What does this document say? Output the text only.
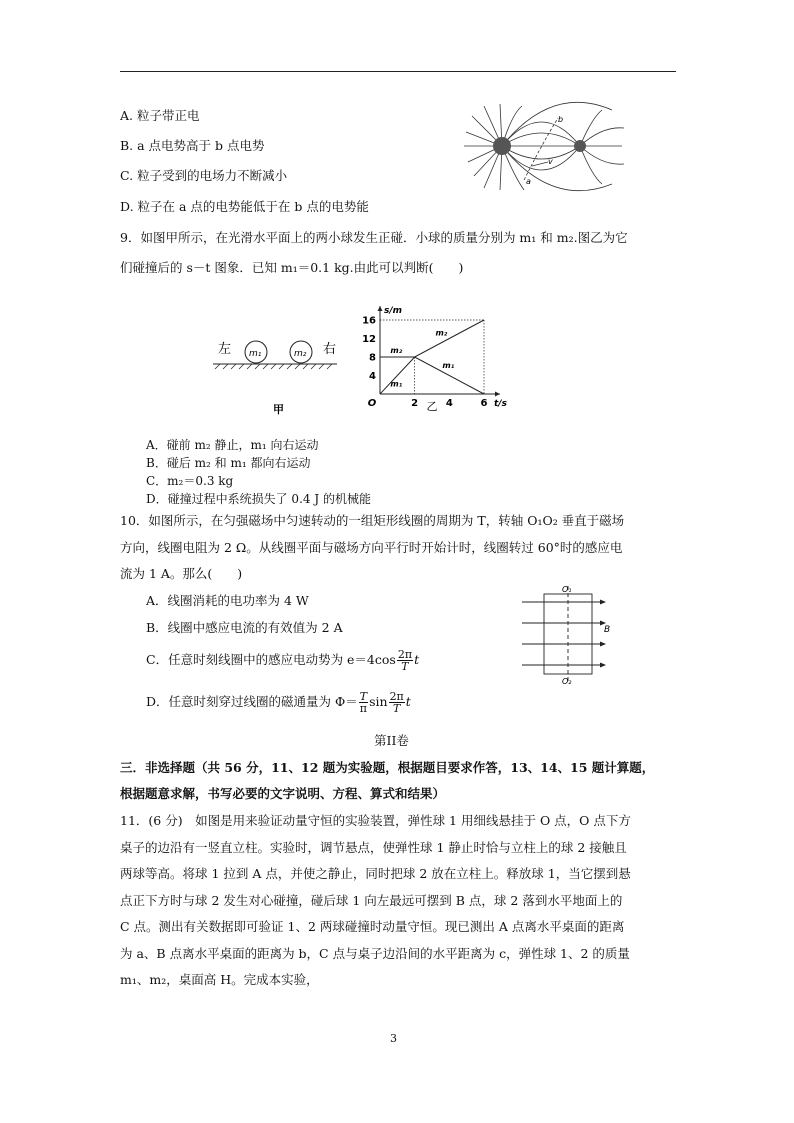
A. 粒子带正电
B. a 点电势高于 b 点电势
C. 粒子受到的电场力不断减小
D. 粒子在 a 点的电势能低于在 b 点的电势能
a
b
v
9．如图甲所示，在光滑水平面上的两小球发生正碰．小球的质量分别为 m₁ 和 m₂.图乙为它
们碰撞后的 s－t 图象．已知 m₁＝0.1 kg.由此可以判断(　　)
左 m₁	m₂ 右
甲
4
8
12
16
2	4	6
O
s/m
t/s
m₂
m₁
m₂
m₁
乙
A．碰前 m₂ 静止，m₁ 向右运动
B．碰后 m₂ 和 m₁ 都向右运动
C．m₂＝0.3 kg
D．碰撞过程中系统损失了 0.4 J 的机械能
10．如图所示，在匀强磁场中匀速转动的一组矩形线圈的周期为 T，转轴 O₁O₂ 垂直于磁场
方向，线圈电阻为 2 Ω。从线圈平面与磁场方向平行时开始计时，线圈转过 60°时的感应电
流为 1 A。那么(　　)
A．线圈消耗的电功率为 4 W
B．线圈中感应电流的有效值为 2 A
C．任意时刻线圈中的感应电动势为 $e=4\cos \frac{2\pi}{T}$ t
D．任意时刻穿过线圈的磁通量为 $\Phi= \frac{T}{\pi}$ $\sin \frac{2\pi}{T}$ t
O₁
O₂
B
第II卷
三．非选择题（共 56 分，11、12 题为实验题，根据题目要求作答，13、14、15 题计算题，
根据题意求解，书写必要的文字说明、方程、算式和结果）
11．(6 分)　如图是用来验证动量守恒的实验装置，弹性球 1 用细线悬挂于 O 点，O 点下方
桌子的边沿有一竖直立柱。实验时，调节悬点，使弹性球 1 静止时恰与立柱上的球 2 接触且
两球等高。将球 1 拉到 A 点，并使之静止，同时把球 2 放在立柱上。释放球 1，当它摆到悬
点正下方时与球 2 发生对心碰撞，碰后球 1 向左最远可摆到 B 点，球 2 落到水平地面上的
C 点。测出有关数据即可验证 1、2 两球碰撞时动量守恒。现已测出 A 点离水平桌面的距离
为 a、B 点离水平桌面的距离为 b，C 点与桌子边沿间的水平距离为 c，弹性球 1、2 的质量
m₁、m₂，桌面高 H。完成本实验，
3
